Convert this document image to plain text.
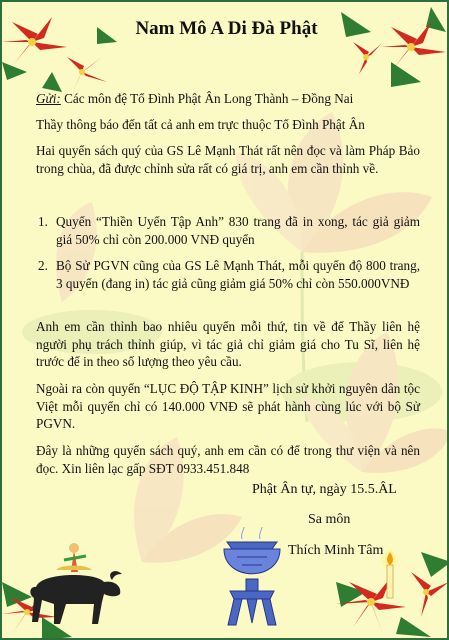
Nam Mô A Di Đà Phật

Gửi: Các môn đệ Tổ Đình Phật Ân Long Thành – Đồng Nai

Thầy thông báo đến tất cả anh em trực thuộc Tổ Đình Phật Ân

Hai quyển sách quý của GS Lê Mạnh Thát rất nên đọc và làm Pháp Bảo trong chùa, đã được chỉnh sửa rất có giá trị, anh em cần thỉnh về.

1. Quyển “Thiền Uyển Tập Anh” 830 trang đã in xong, tác giả giảm giá 50% chỉ còn 200.000 VNĐ quyển
2. Bộ Sử PGVN cũng của GS Lê Mạnh Thát, mỗi quyển độ 800 trang, 3 quyển (đang in) tác giả cũng giảm giá 50% chỉ còn 550.000VNĐ

Anh em cần thỉnh bao nhiêu quyển mỗi thứ, tin về để Thầy liên hệ người phụ trách thỉnh giúp, vì tác giả chỉ giảm giá cho Tu Sĩ, liên hệ trước để in theo số lượng theo yêu cầu.

Ngoài ra còn quyển “LỤC ĐỘ TẬP KINH” lịch sử khởi nguyên dân tộc Việt mỗi quyển chỉ có 140.000 VNĐ sẽ phát hành cùng lúc với bộ Sử PGVN.

Đây là những quyển sách quý, anh em cần có để trong thư viện và nên đọc. Xin liên lạc gấp SĐT 0933.451.848

Phật Ân tự, ngày 15.5.ÂL

Sa môn

Thích Minh Tâm
